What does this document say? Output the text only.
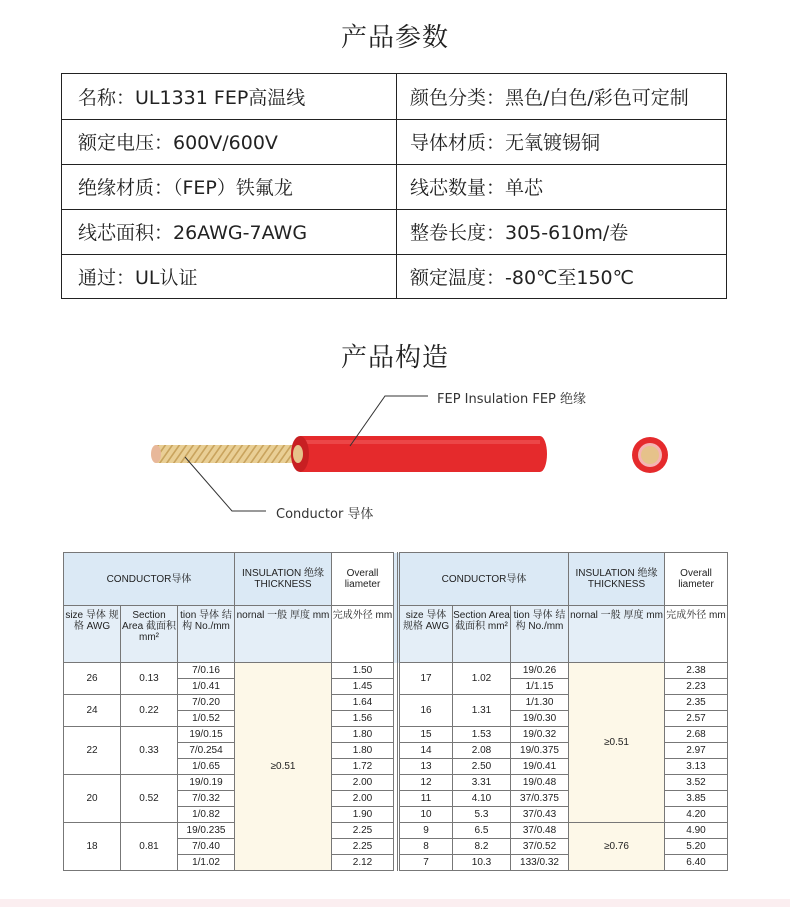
产品参数
名称：UL1331 FEP高温线	颜色分类：黑色/白色/彩色可定制
额定电压：600V/600V	导体材质：无氧镀锡铜
绝缘材质：（FEP）铁氟龙	线芯数量：单芯
线芯面积：26AWG-7AWG	整卷长度：305-610m/卷
通过：UL认证	额定温度：-80℃至150℃
产品构造
FEP Insulation FEP 绝缘
Conductor 导体
CONDUCTOR导体			INSULATION 绝缘 THICKNESS	Overall liameter		CONDUCTOR导体			INSULATION 绝缘 THICKNESS	Overall liameter
size 导体 规格 AWG	Section Area 截面积 mm²	tion 导体 结构 No./mm	nornal 一般 厚度 mm	完成外径 mm		size 导体 规格 AWG	Section Area 截面积 mm²	tion 导体 结构 No./mm	nornal 一般 厚度 mm	完成外径 mm
26	0.13	7/0.16	≥0.51	1.50		17	1.02	19/0.26	≥0.51	2.38
		1/0.41		1.45				1/1.15		2.23
24	0.22	7/0.20		1.64		16	1.31	1/1.30		2.35
		1/0.52		1.56				19/0.30		2.57
22	0.33	19/0.15		1.80		15	1.53	19/0.32		2.68
		7/0.254		1.80		14	2.08	19/0.375		2.97
		1/0.65		1.72		13	2.50	19/0.41		3.13
20	0.52	19/0.19		2.00		12	3.31	19/0.48		3.52
		7/0.32		2.00		11	4.10	37/0.375		3.85
		1/0.82		1.90		10	5.3	37/0.43		4.20
18	0.81	19/0.235		2.25		9	6.5	37/0.48	≥0.76	4.90
		7/0.40		2.25		8	8.2	37/0.52		5.20
		1/1.02		2.12		7	10.3	133/0.32		6.40
